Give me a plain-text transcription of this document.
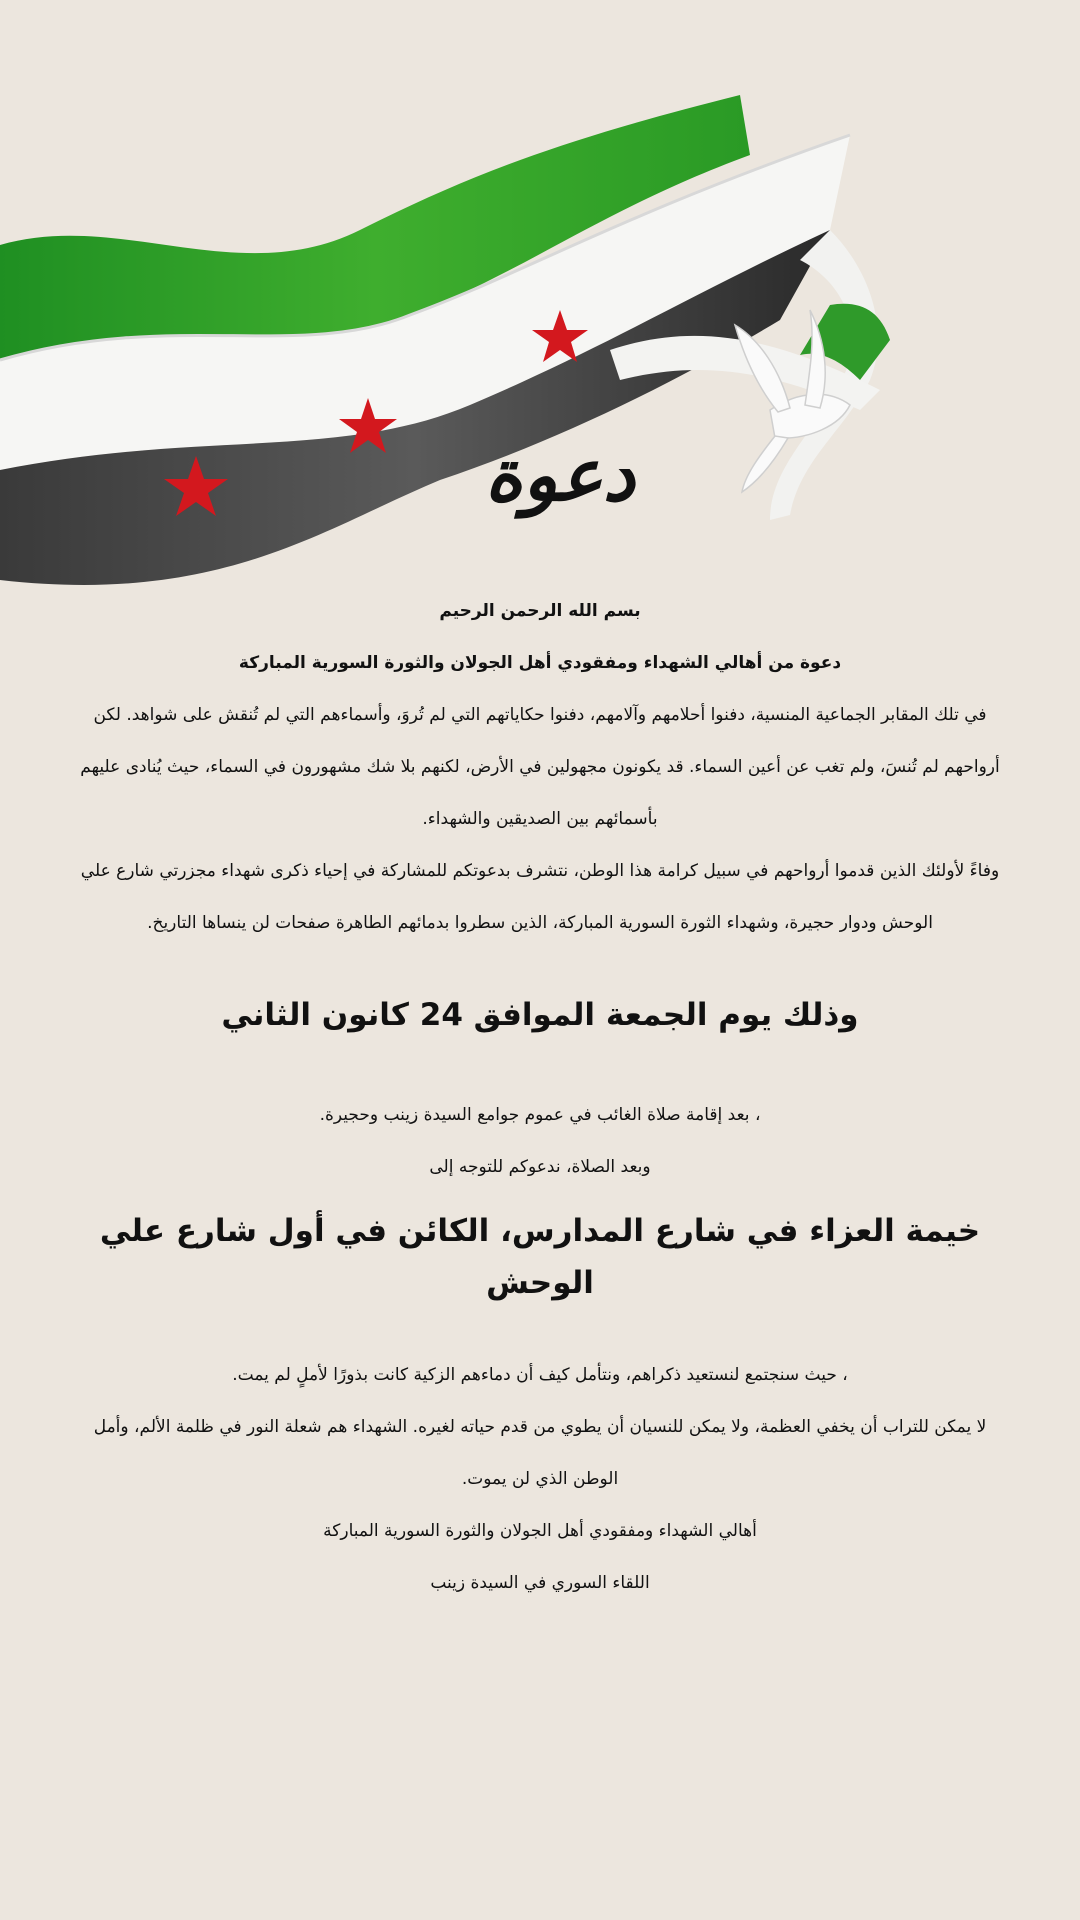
دعوة

بسم الله الرحمن الرحيم

دعوة من أهالي الشهداء ومفقودي أهل الجولان والثورة السورية المباركة

في تلك المقابر الجماعية المنسية، دفنوا أحلامهم وآلامهم، دفنوا حكاياتهم التي لم تُروَ، وأسماءهم التي لم تُنقش على شواهد. لكن أرواحهم لم تُنسَ، ولم تغب عن أعين السماء. قد يكونون مجهولين في الأرض، لكنهم بلا شك مشهورون في السماء، حيث يُنادى عليهم بأسمائهم بين الصديقين والشهداء.

وفاءً لأولئك الذين قدموا أرواحهم في سبيل كرامة هذا الوطن، نتشرف بدعوتكم للمشاركة في إحياء ذكرى شهداء مجزرتي شارع علي الوحش ودوار حجيرة، وشهداء الثورة السورية المباركة، الذين سطروا بدمائهم الطاهرة صفحات لن ينساها التاريخ.

وذلك يوم الجمعة الموافق 24 كانون الثاني

، بعد إقامة صلاة الغائب في عموم جوامع السيدة زينب وحجيرة.

وبعد الصلاة، ندعوكم للتوجه إلى

خيمة العزاء في شارع المدارس، الكائن في أول شارع علي الوحش

، حيث سنجتمع لنستعيد ذكراهم، ونتأمل كيف أن دماءهم الزكية كانت بذورًا لأملٍ لم يمت.

لا يمكن للتراب أن يخفي العظمة، ولا يمكن للنسيان أن يطوي من قدم حياته لغيره. الشهداء هم شعلة النور في ظلمة الألم، وأمل الوطن الذي لن يموت.

أهالي الشهداء ومفقودي أهل الجولان والثورة السورية المباركة

اللقاء السوري في السيدة زينب
